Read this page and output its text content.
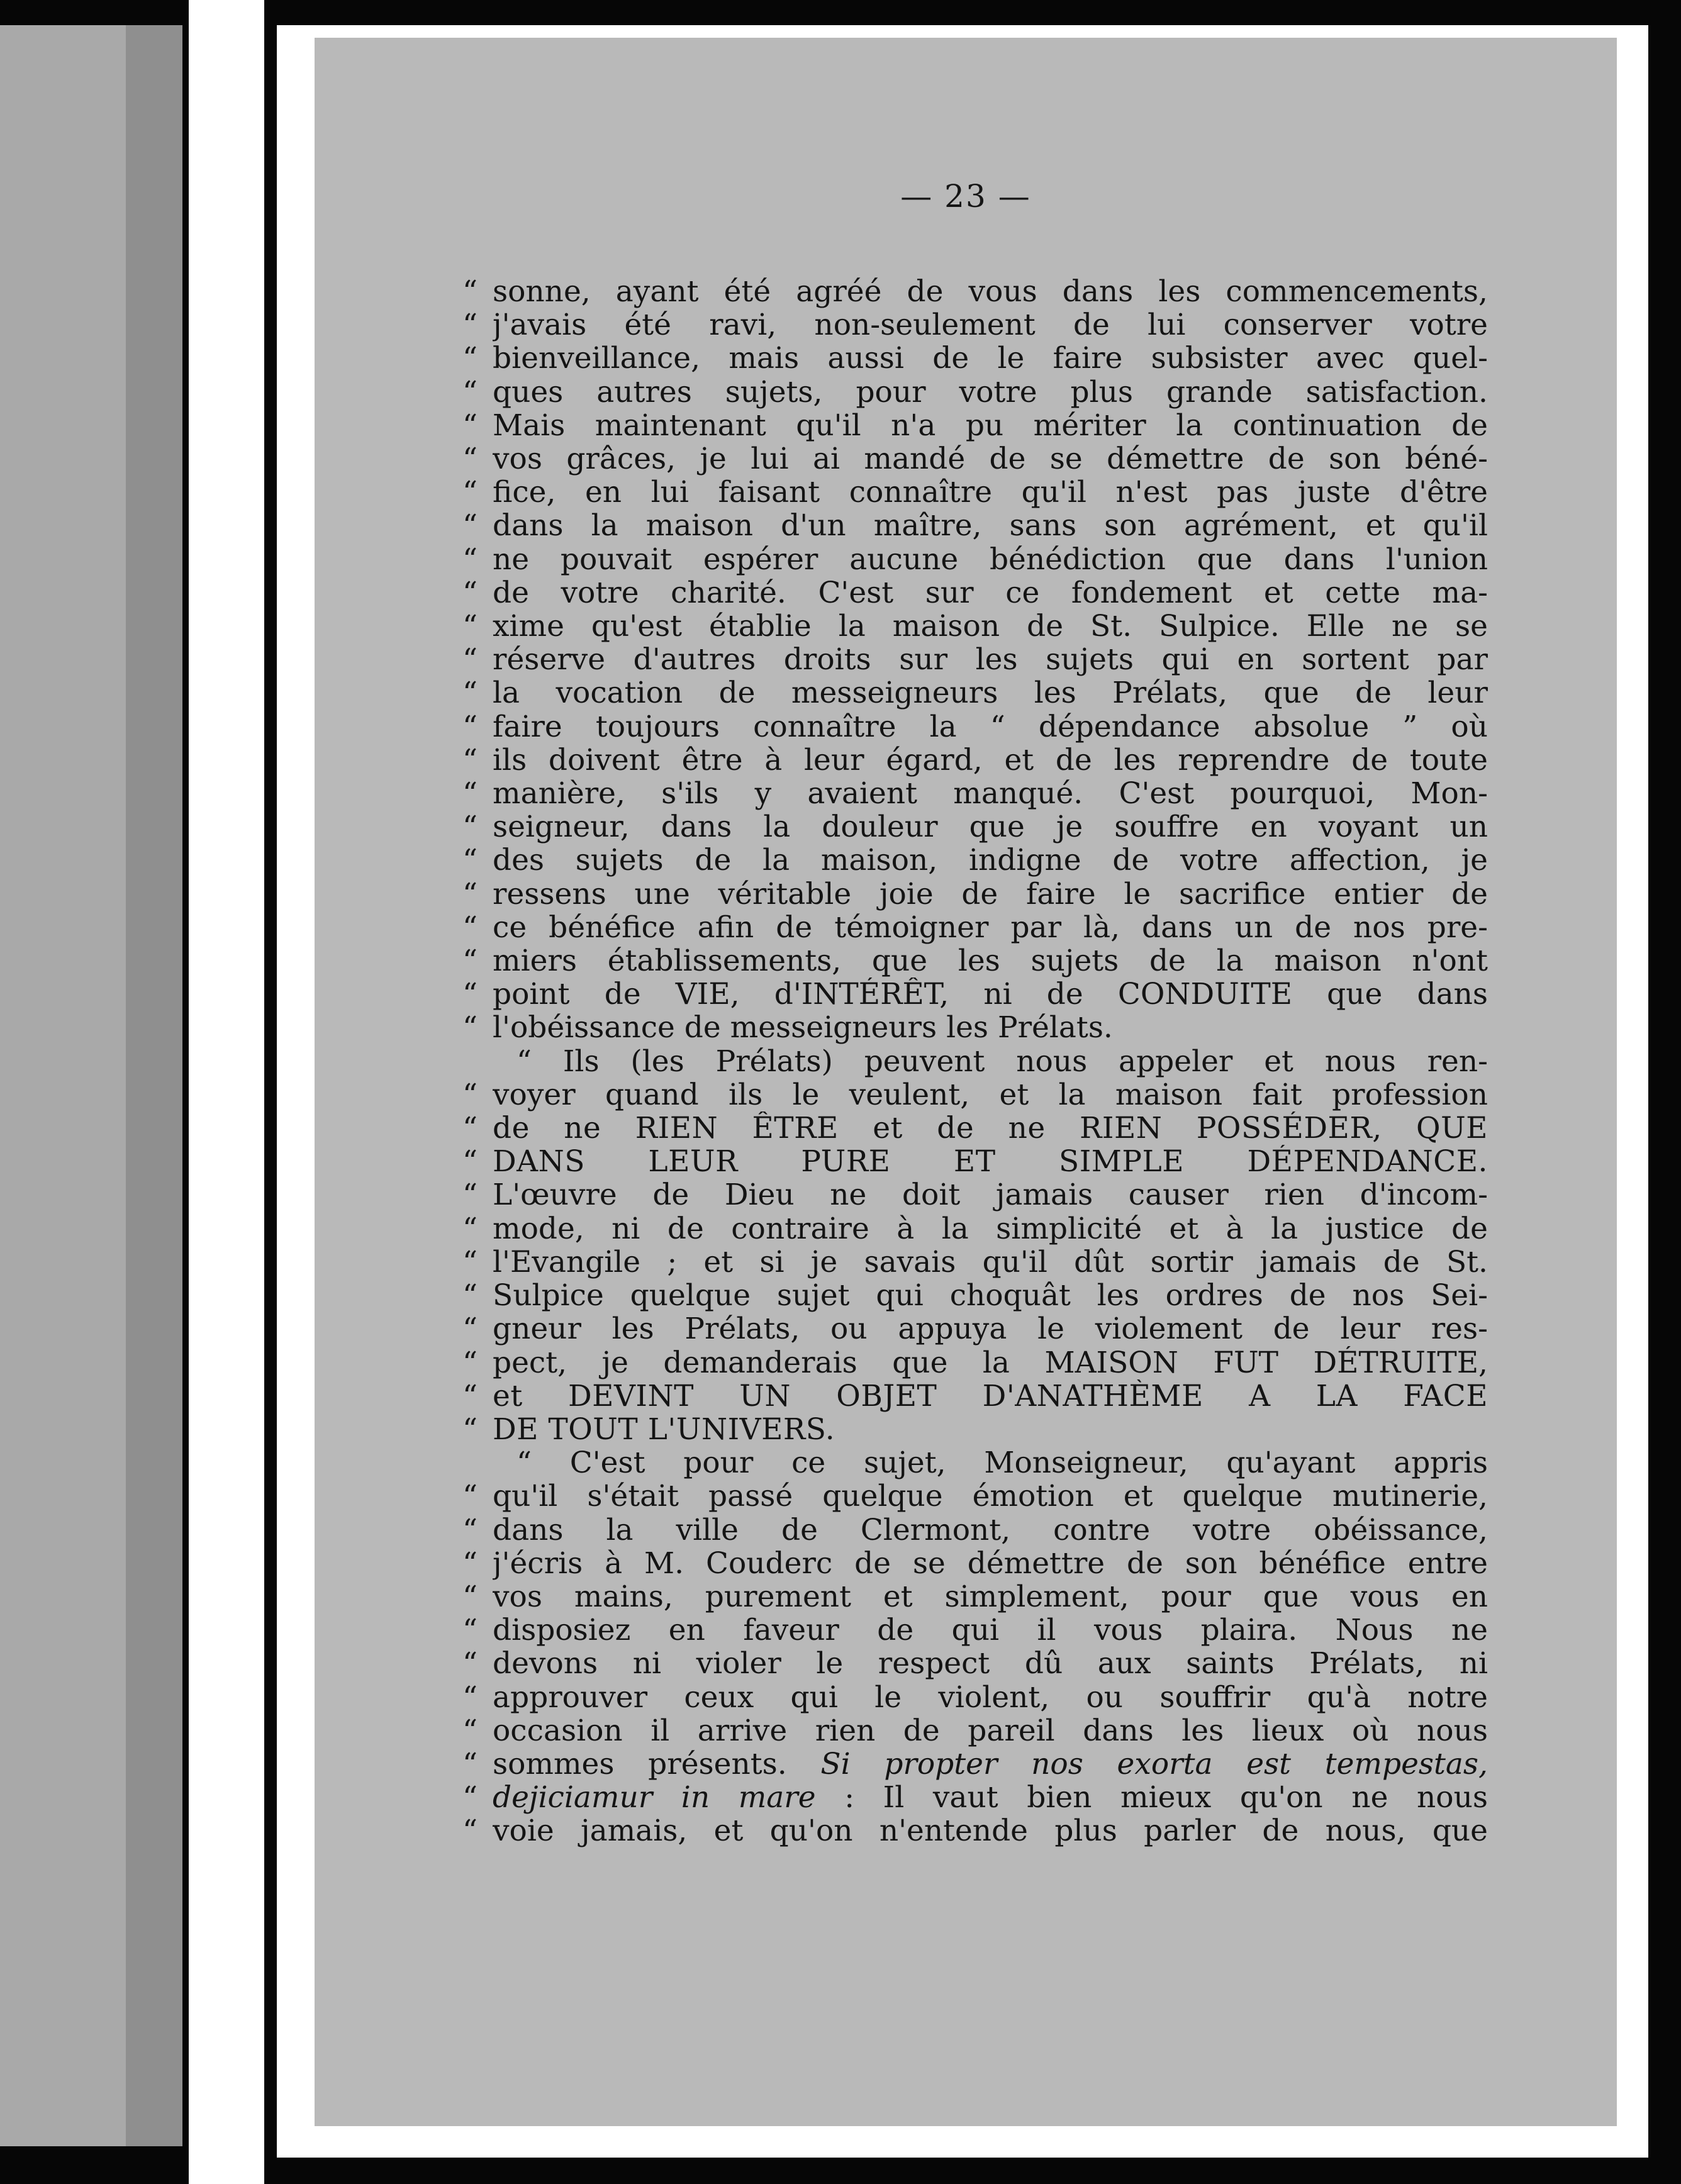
— 23 —
“ sonne, ayant été agréé de vous dans les commencements,
“ j'avais été ravi, non-seulement de lui conserver votre
“ bienveillance, mais aussi de le faire subsister avec quel-
“ ques autres sujets, pour votre plus grande satisfaction.
“ Mais maintenant qu'il n'a pu mériter la continuation de
“ vos grâces, je lui ai mandé de se démettre de son béné-
“ fice, en lui faisant connaître qu'il n'est pas juste d'être
“ dans la maison d'un maître, sans son agrément, et qu'il
“ ne pouvait espérer aucune bénédiction que dans l'union
“ de votre charité. C'est sur ce fondement et cette ma-
“ xime qu'est établie la maison de St. Sulpice. Elle ne se
“ réserve d'autres droits sur les sujets qui en sortent par
“ la vocation de messeigneurs les Prélats, que de leur
“ faire toujours connaître la “ dépendance absolue ” où
“ ils doivent être à leur égard, et de les reprendre de toute
“ manière, s'ils y avaient manqué. C'est pourquoi, Mon-
“ seigneur, dans la douleur que je souffre en voyant un
“ des sujets de la maison, indigne de votre affection, je
“ ressens une véritable joie de faire le sacrifice entier de
“ ce bénéfice afin de témoigner par là, dans un de nos pre-
“ miers établissements, que les sujets de la maison n'ont
“ point de VIE, d'INTÉRÊT, ni de CONDUITE que dans
“ l'obéissance de messeigneurs les Prélats.
“ Ils (les Prélats) peuvent nous appeler et nous ren-
“ voyer quand ils le veulent, et la maison fait profession
“ de ne RIEN ÊTRE et de ne RIEN POSSÉDER, QUE
“ DANS LEUR PURE ET SIMPLE DÉPENDANCE.
“ L'œuvre de Dieu ne doit jamais causer rien d'incom-
“ mode, ni de contraire à la simplicité et à la justice de
“ l'Evangile ; et si je savais qu'il dût sortir jamais de St.
“ Sulpice quelque sujet qui choquât les ordres de nos Sei-
“ gneur les Prélats, ou appuya le violement de leur res-
“ pect, je demanderais que la MAISON FUT DÉTRUITE,
“ et DEVINT UN OBJET D'ANATHÈME A LA FACE
“ DE TOUT L'UNIVERS.
“ C'est pour ce sujet, Monseigneur, qu'ayant appris
“ qu'il s'était passé quelque émotion et quelque mutinerie,
“ dans la ville de Clermont, contre votre obéissance,
“ j'écris à M. Couderc de se démettre de son bénéfice entre
“ vos mains, purement et simplement, pour que vous en
“ disposiez en faveur de qui il vous plaira. Nous ne
“ devons ni violer le respect dû aux saints Prélats, ni
“ approuver ceux qui le violent, ou souffrir qu'à notre
“ occasion il arrive rien de pareil dans les lieux où nous
“ sommes présents. Si propter nos exorta est tempestas,
“ dejiciamur in mare : Il vaut bien mieux qu'on ne nous
“ voie jamais, et qu'on n'entende plus parler de nous, que
